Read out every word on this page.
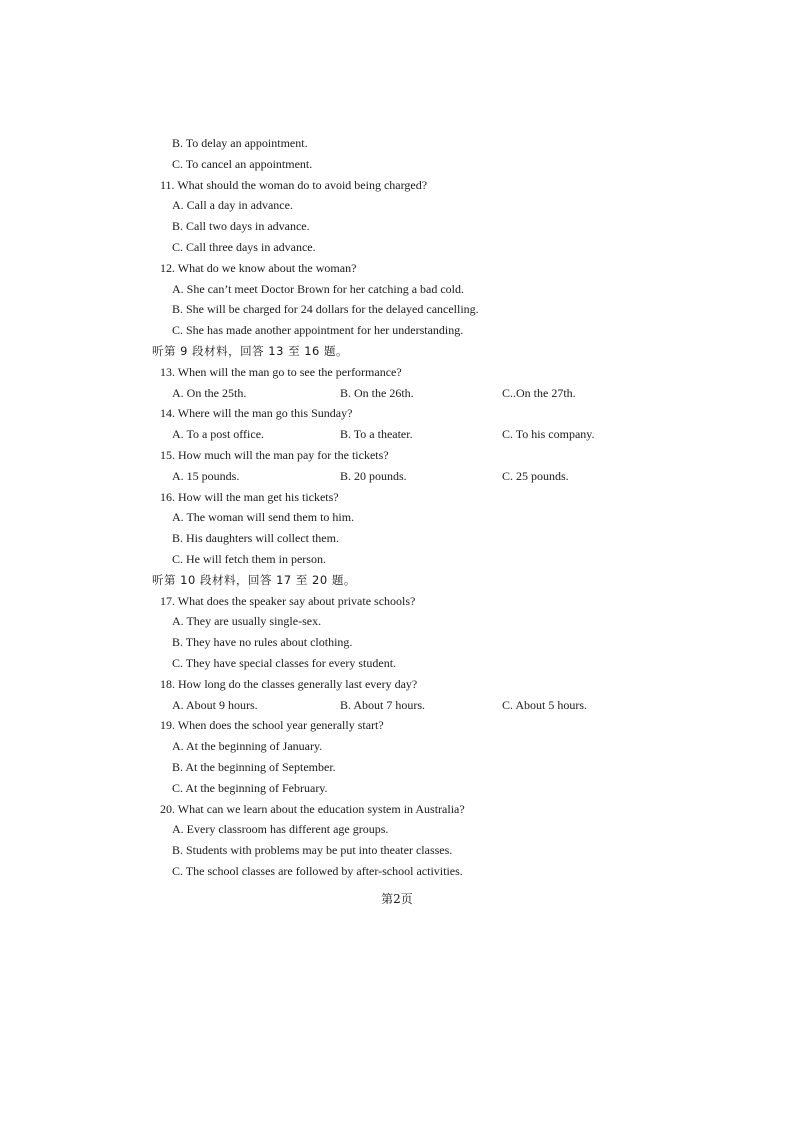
B. To delay an appointment.
C. To cancel an appointment.
11. What should the woman do to avoid being charged?
A. Call a day in advance.
B. Call two days in advance.
C. Call three days in advance.
12. What do we know about the woman?
A. She can’t meet Doctor Brown for her catching a bad cold.
B. She will be charged for 24 dollars for the delayed cancelling.
C. She has made another appointment for her understanding.
听第 9 段材料，回答 13 至 16 题。
13. When will the man go to see the performance?
A. On the 25th.	B. On the 26th.	C..On the 27th.
14. Where will the man go this Sunday?
A. To a post office.	B. To a theater.	C. To his company.
15. How much will the man pay for the tickets?
A. 15 pounds.	B. 20 pounds.	C. 25 pounds.
16. How will the man get his tickets?
A. The woman will send them to him.
B. His daughters will collect them.
C. He will fetch them in person.
听第 10 段材料，回答 17 至 20 题。
17. What does the speaker say about private schools?
A. They are usually single-sex.
B. They have no rules about clothing.
C. They have special classes for every student.
18. How long do the classes generally last every day?
A. About 9 hours.	B. About 7 hours.	C. About 5 hours.
19. When does the school year generally start?
A. At the beginning of January.
B. At the beginning of September.
C. At the beginning of February.
20. What can we learn about the education system in Australia?
A. Every classroom has different age groups.
B. Students with problems may be put into theater classes.
C. The school classes are followed by after-school activities.
第2页
